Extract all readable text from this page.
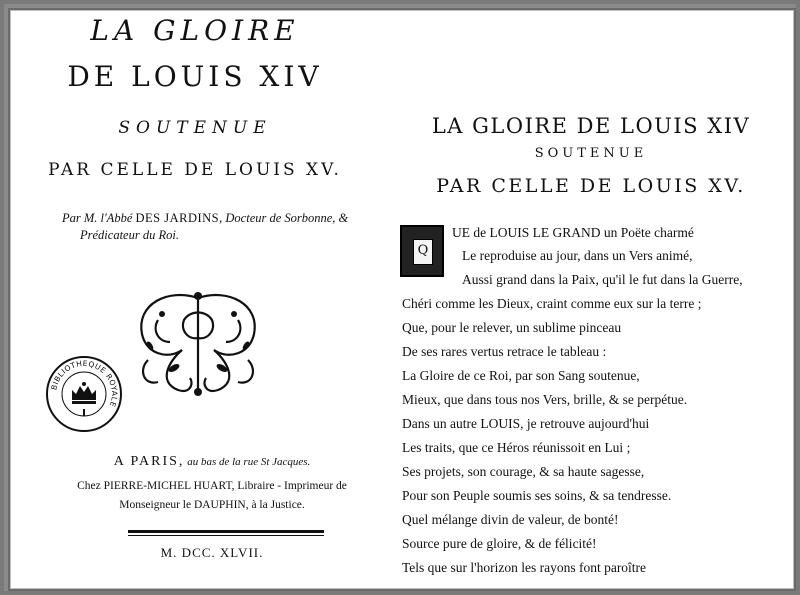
LA GLOIRE
DE LOUIS XIV
SOUTENUE
PAR CELLE DE LOUIS XV.
Par M. l'Abbé DES JARDINS, Docteur de Sorbonne, &
Prédicateur du Roi.
BIBLIOTHEQUE ROYALE
A PARIS, au bas de la rue St Jacques.
Chez PIERRE-MICHEL HUART, Libraire - Imprimeur de
Monseigneur le DAUPHIN, à la Justice.
M. DCC. XLVII.
LA GLOIRE DE LOUIS XIV
SOUTENUE
PAR CELLE DE LOUIS XV.
Q
UE de LOUIS LE GRAND un Poëte charmé
Le reproduise au jour, dans un Vers animé,
Aussi grand dans la Paix, qu'il le fut dans la Guerre,
Chéri comme les Dieux, craint comme eux sur la terre ;
Que, pour le relever, un sublime pinceau
De ses rares vertus retrace le tableau :
La Gloire de ce Roi, par son Sang soutenue,
Mieux, que dans tous nos Vers, brille, & se perpétue.
Dans un autre LOUIS, je retrouve aujourd'hui
Les traits, que ce Héros réunissoit en Lui ;
Ses projets, son courage, & sa haute sagesse,
Pour son Peuple soumis ses soins, & sa tendresse.
Quel mélange divin de valeur, de bonté!
Source pure de gloire, & de félicité!
Tels que sur l'horizon les rayons font paroître
